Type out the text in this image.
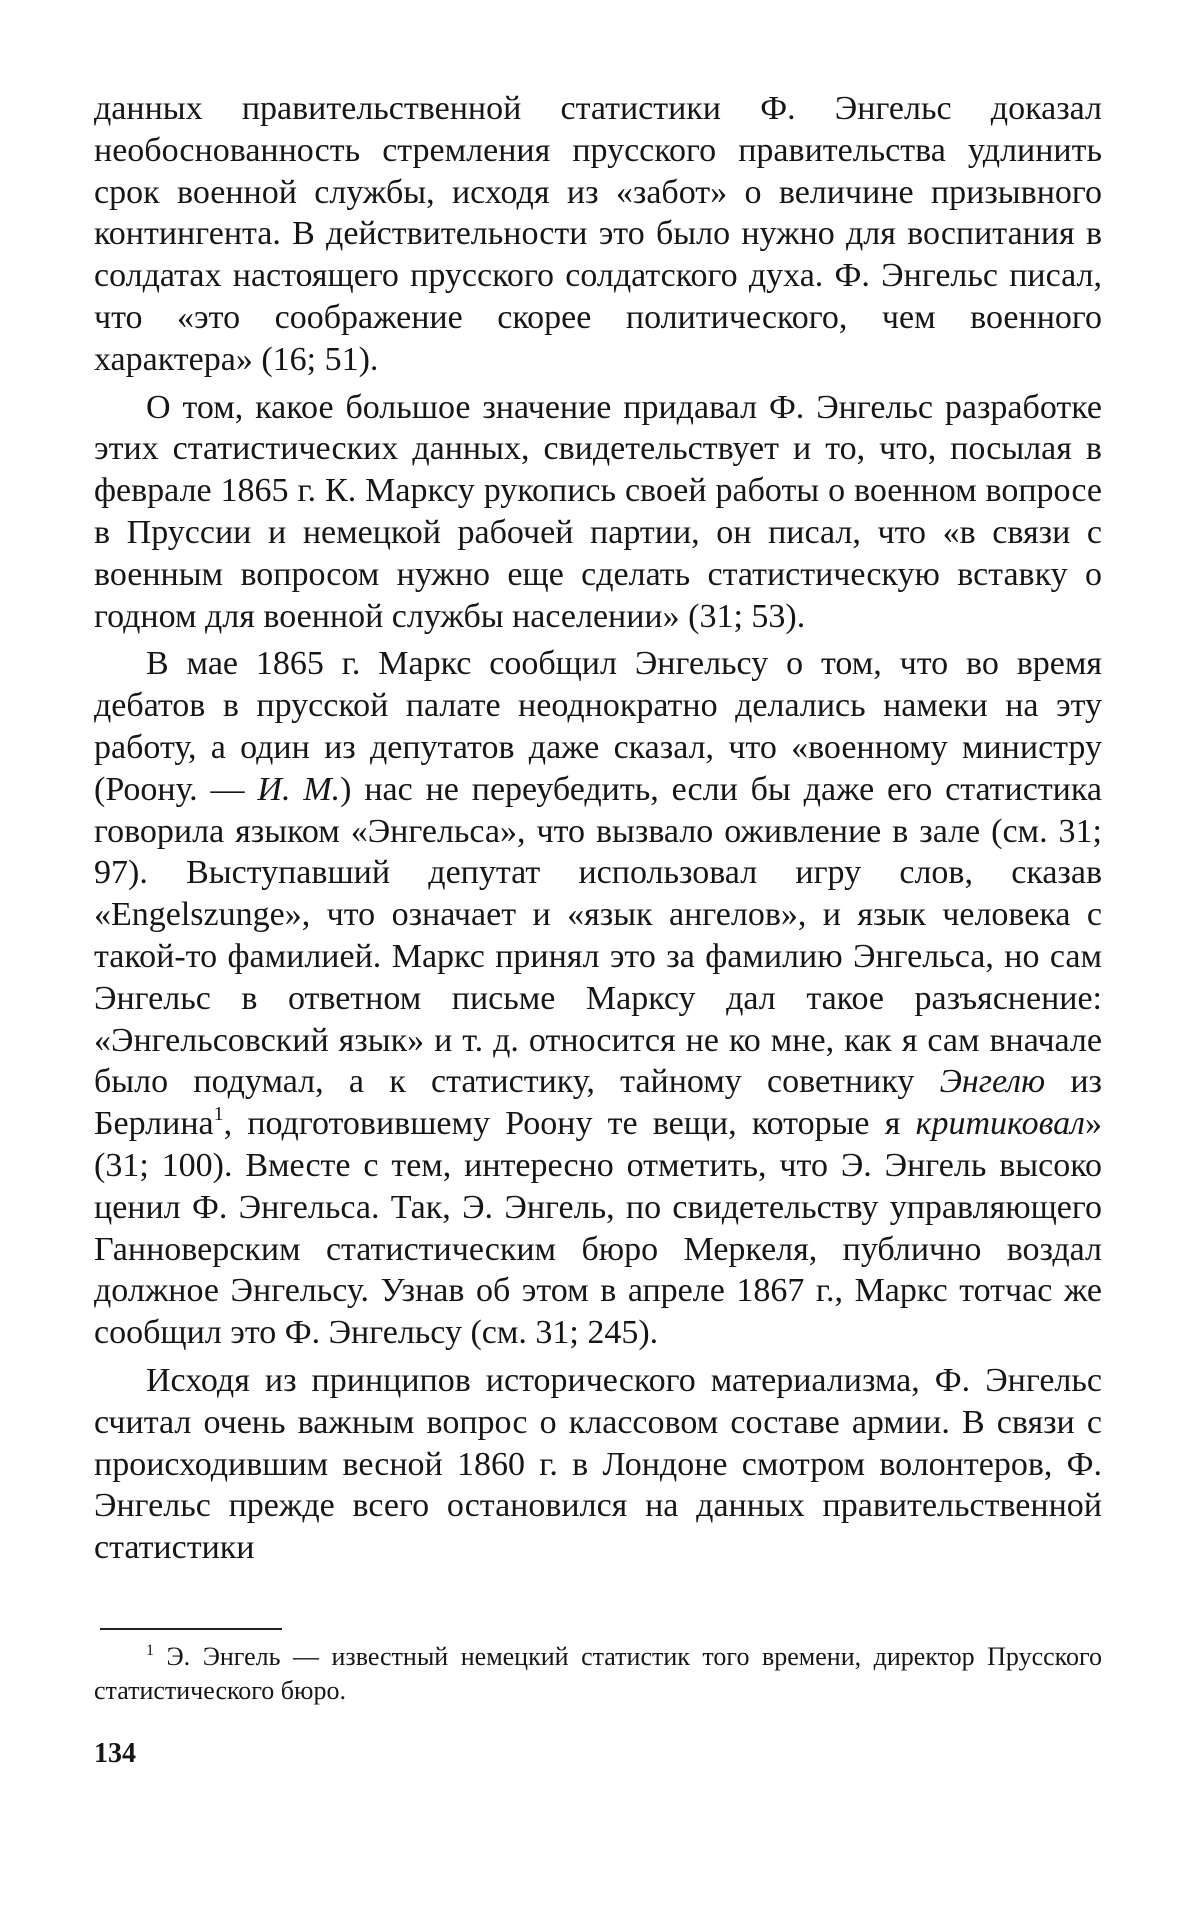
данных правительственной статистики Ф. Энгельс доказал необоснованность стремления прусского правительства удлинить срок военной службы, исходя из «забот» о величине призывного контингента. В действительности это было нужно для воспитания в солдатах настоящего прусского солдатского духа. Ф. Энгельс писал, что «это соображение скорее политического, чем военного характера» (16; 51).

О том, какое большое значение придавал Ф. Энгельс разработке этих статистических данных, свидетельствует и то, что, посылая в феврале 1865 г. К. Марксу рукопись своей работы о военном вопросе в Пруссии и немецкой рабочей партии, он писал, что «в связи с военным вопросом нужно еще сделать статистическую вставку о годном для военной службы населении» (31; 53).

В мае 1865 г. Маркс сообщил Энгельсу о том, что во время дебатов в прусской палате неоднократно делались намеки на эту работу, а один из депутатов даже сказал, что «военному министру (Роону. — И. М.) нас не переубедить, если бы даже его статистика говорила языком «Энгельса», что вызвало оживление в зале (см. 31; 97). Выступавший депутат использовал игру слов, сказав «Engelszunge», что означает и «язык ангелов», и язык человека с такой-то фамилией. Маркс принял это за фамилию Энгельса, но сам Энгельс в ответном письме Марксу дал такое разъяснение: «Энгельсовский язык» и т. д. относится не ко мне, как я сам вначале было подумал, а к статистику, тайному советнику Энгелю из Берлина$^1$, подготовившему Роону те вещи, которые я критиковал» (31; 100). Вместе с тем, интересно отметить, что Э. Энгель высоко ценил Ф. Энгельса. Так, Э. Энгель, по свидетельству управляющего Ганноверским статистическим бюро Меркеля, публично воздал должное Энгельсу. Узнав об этом в апреле 1867 г., Маркс тотчас же сообщил это Ф. Энгельсу (см. 31; 245).

Исходя из принципов исторического материализма, Ф. Энгельс считал очень важным вопрос о классовом составе армии. В связи с происходившим весной 1860 г. в Лондоне смотром волонтеров, Ф. Энгельс прежде всего остановился на данных правительственной статистики

$^1$ Э. Энгель — известный немецкий статистик того времени, директор Прусского статистического бюро.

134
